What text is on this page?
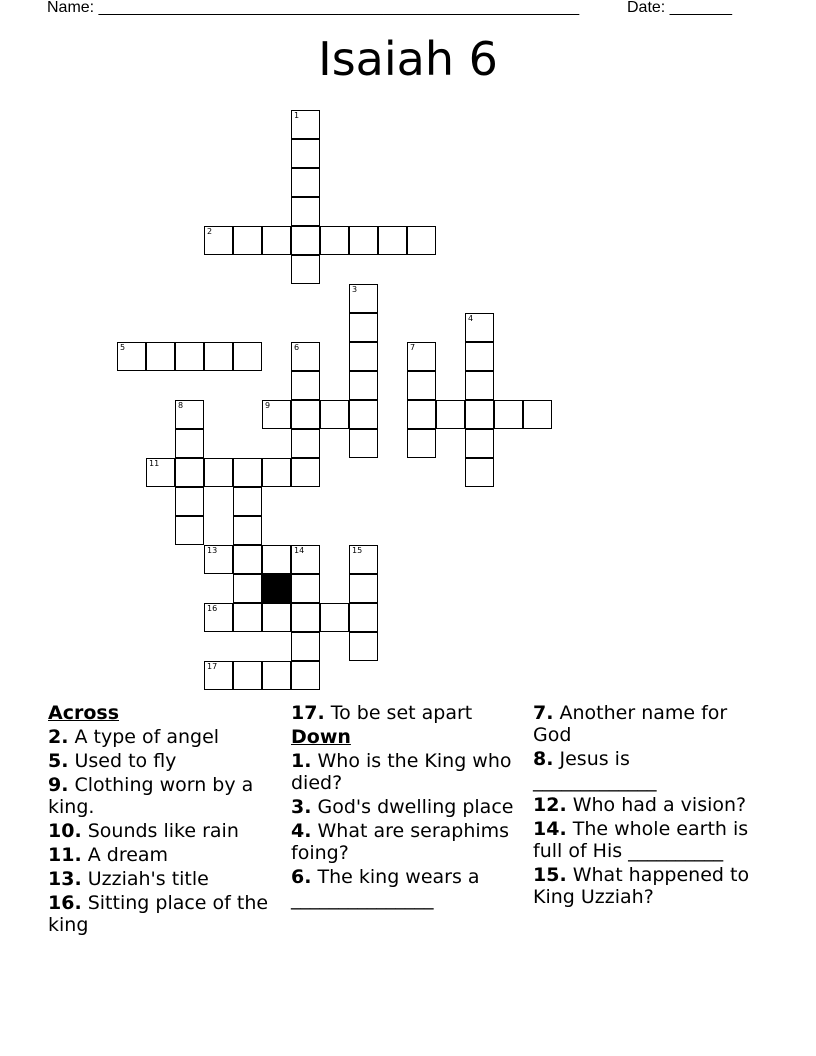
Name: ______________________________________________________	Date: _______
Isaiah 6
1
2
3
4
5	6	7
9
8
11
13	14	15
16
17
Across
2. A type of angel
5. Used to fly
9. Clothing worn by a king.
10. Sounds like rain
11. A dream
13. Uzziah's title
16. Sitting place of the king
17. To be set apart
Down
1. Who is the King who died?
3. God's dwelling place
4. What are seraphims foing?
6. The king wears a _______________
7. Another name for God
8. Jesus is _____________
12. Who had a vision?
14. The whole earth is full of His __________
15. What happened to King Uzziah?
